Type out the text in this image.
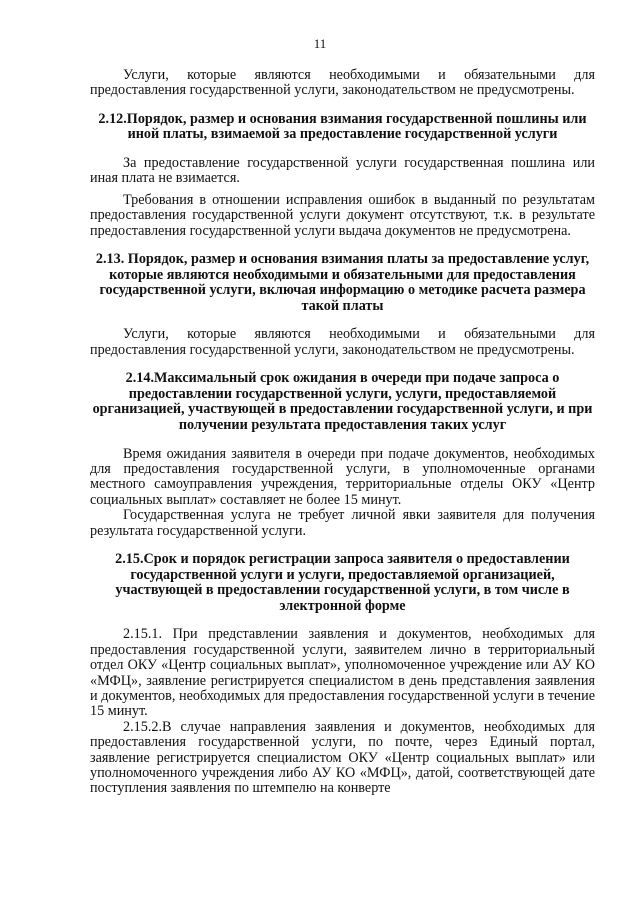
11

Услуги, которые являются необходимыми и обязательными для предоставления государственной услуги, законодательством не предусмотрены.

2.12.Порядок, размер и основания взимания государственной пошлины или иной платы, взимаемой за предоставление государственной услуги

За предоставление государственной услуги государственная пошлина или иная плата не взимается.

Требования в отношении исправления ошибок в выданный по результатам предоставления государственной услуги документ отсутствуют, т.к. в результате предоставления государственной услуги выдача документов не предусмотрена.

2.13. Порядок, размер и основания взимания платы за предоставление услуг, которые являются необходимыми и обязательными для предоставления государственной услуги, включая информацию о методике расчета размера такой платы

Услуги, которые являются необходимыми и обязательными для предоставления государственной услуги, законодательством не предусмотрены.

2.14.Максимальный срок ожидания в очереди при подаче запроса о предоставлении государственной услуги, услуги, предоставляемой организацией, участвующей в предоставлении государственной услуги, и при получении результата предоставления таких услуг

Время ожидания заявителя в очереди при подаче документов, необходимых для предоставления государственной услуги, в уполномоченные органами местного самоуправления учреждения, территориальные отделы ОКУ «Центр социальных выплат» составляет не более 15 минут.

Государственная услуга не требует личной явки заявителя для получения результата государственной услуги.

2.15.Срок и порядок регистрации запроса заявителя о предоставлении государственной услуги и услуги, предоставляемой организацией, участвующей в предоставлении государственной услуги, в том числе в электронной форме

2.15.1. При представлении заявления и документов, необходимых для предоставления государственной услуги, заявителем лично в территориальный отдел ОКУ «Центр социальных выплат», уполномоченное учреждение или АУ КО «МФЦ», заявление регистрируется специалистом в день представления заявления и документов, необходимых для предоставления государственной услуги в течение 15 минут.

2.15.2.В случае направления заявления и документов, необходимых для предоставления государственной услуги, по почте, через Единый портал, заявление регистрируется специалистом ОКУ «Центр социальных выплат» или уполномоченного учреждения либо АУ КО «МФЦ», датой, соответствующей дате поступления заявления по штемпелю на конверте
